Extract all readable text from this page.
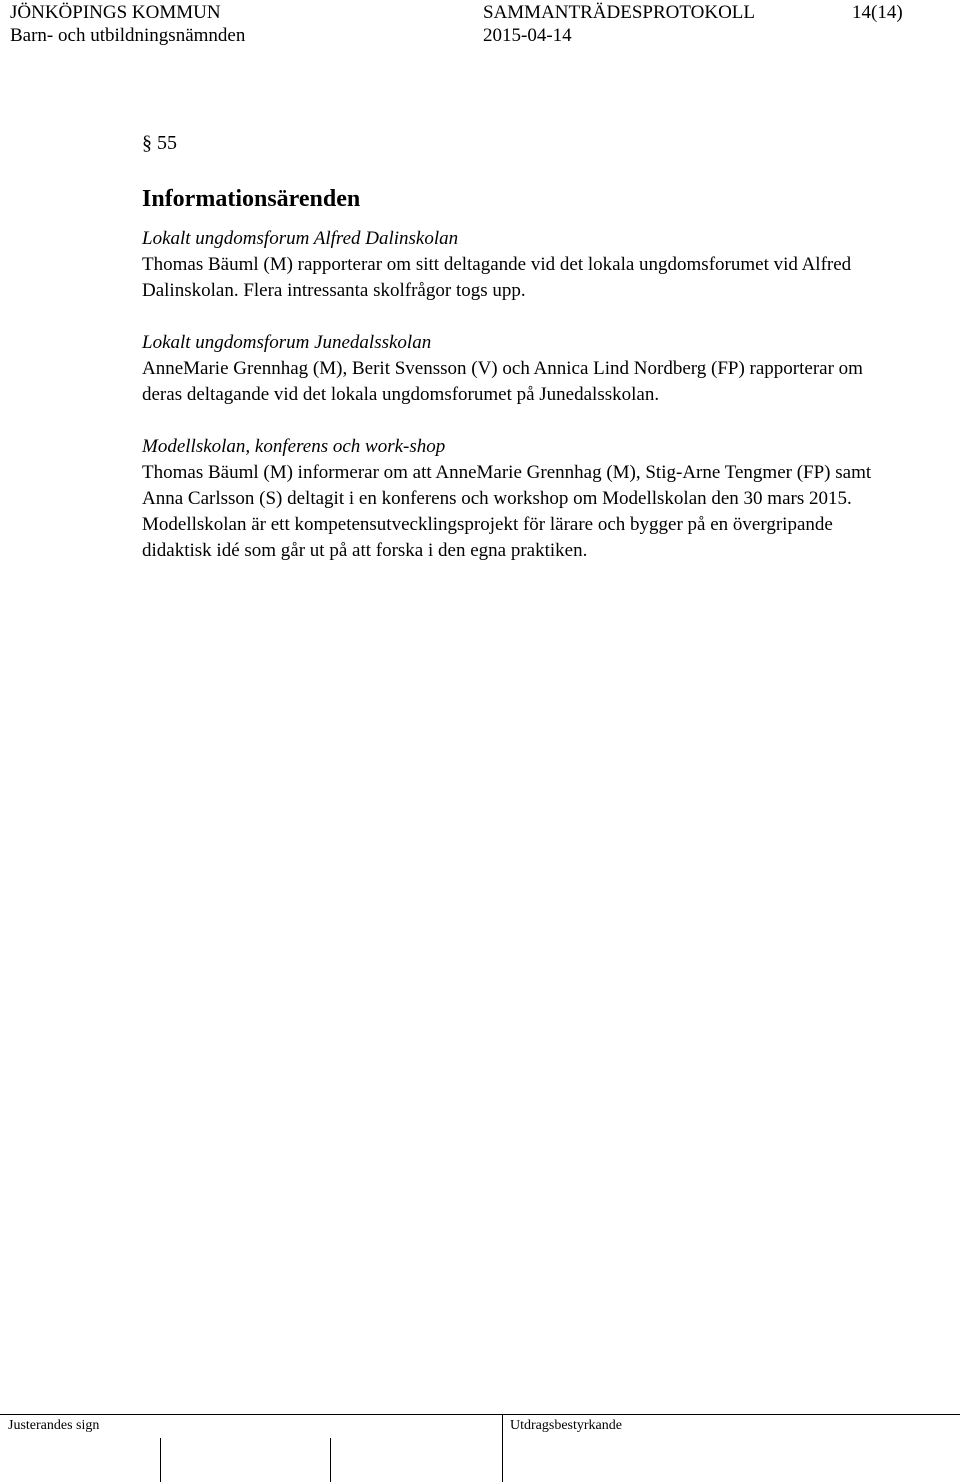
JÖNKÖPINGS KOMMUN	SAMMANTRÄDESPROTOKOLL	14(14)
Barn- och utbildningsnämnden	2015-04-14
§ 55
Informationsärenden
Lokalt ungdomsforum Alfred Dalinskolan
Thomas Bäuml (M) rapporterar om sitt deltagande vid det lokala ungdomsforumet vid Alfred Dalinskolan. Flera intressanta skolfrågor togs upp.
Lokalt ungdomsforum Junedalsskolan
AnneMarie Grennhag (M), Berit Svensson (V) och Annica Lind Nordberg (FP) rapporterar om deras deltagande vid det lokala ungdomsforumet på Junedalsskolan.
Modellskolan, konferens och work-shop
Thomas Bäuml (M) informerar om att AnneMarie Grennhag (M), Stig-Arne Tengmer (FP) samt Anna Carlsson (S) deltagit i en konferens och workshop om Modellskolan den 30 mars 2015. Modellskolan är ett kompetensutvecklingsprojekt för lärare och bygger på en övergripande didaktisk idé som går ut på att forska i den egna praktiken.
Justerandes sign	Utdragsbestyrkande
